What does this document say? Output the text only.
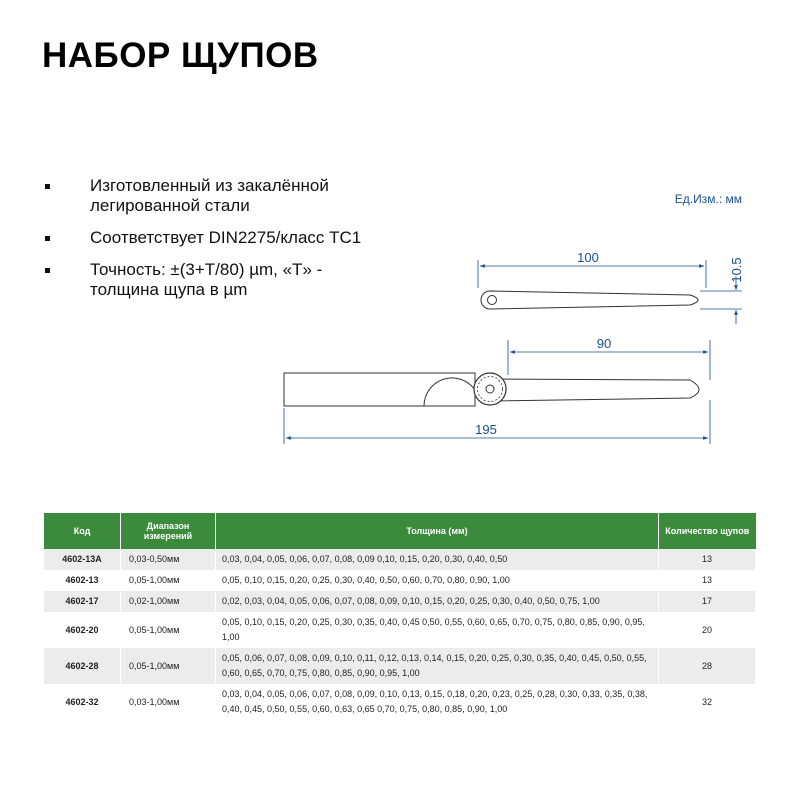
НАБОР ЩУПОВ
Изготовленный из закалённой легированной стали
Соответствует DIN2275/класс ТС1
Точность: ±(3+T/80) µm, «T» - толщина щупа в µm
Ед.Изм.: мм
100	10.5
90
195
Код	Диапазон измерений	Толщина (мм)	Количество щупов
4602-13A	0,03-0,50мм	0,03, 0,04, 0,05, 0,06, 0,07, 0,08, 0,09 0,10, 0,15, 0,20, 0,30, 0,40, 0,50	13
4602-13	0,05-1,00мм	0,05, 0,10, 0,15, 0,20, 0,25, 0,30, 0,40, 0,50, 0,60, 0,70, 0,80, 0,90, 1,00	13
4602-17	0,02-1,00мм	0,02, 0,03, 0,04, 0,05, 0,06, 0,07, 0,08, 0,09, 0,10, 0,15, 0,20, 0,25, 0,30, 0,40, 0,50, 0,75, 1,00	17
4602-20	0,05-1,00мм	0,05, 0,10, 0,15, 0,20, 0,25, 0,30, 0,35, 0,40, 0,45 0,50, 0,55, 0,60, 0,65, 0,70, 0,75, 0,80, 0,85, 0,90, 0,95, 1,00	20
4602-28	0,05-1,00мм	0,05, 0,06, 0,07, 0,08, 0,09, 0,10, 0,11, 0,12, 0,13, 0,14, 0,15, 0,20, 0,25, 0,30, 0,35, 0,40, 0,45, 0,50, 0,55, 0,60, 0,65, 0,70, 0,75, 0,80, 0,85, 0,90, 0,95, 1,00	28
4602-32	0,03-1,00мм	0,03, 0,04, 0,05, 0,06, 0,07, 0,08, 0,09, 0,10, 0,13, 0,15, 0,18, 0,20, 0,23, 0,25, 0,28, 0,30, 0,33, 0,35, 0,38, 0,40, 0,45, 0,50, 0,55, 0,60, 0,63, 0,65 0,70, 0,75, 0,80, 0,85, 0,90, 1,00	32
